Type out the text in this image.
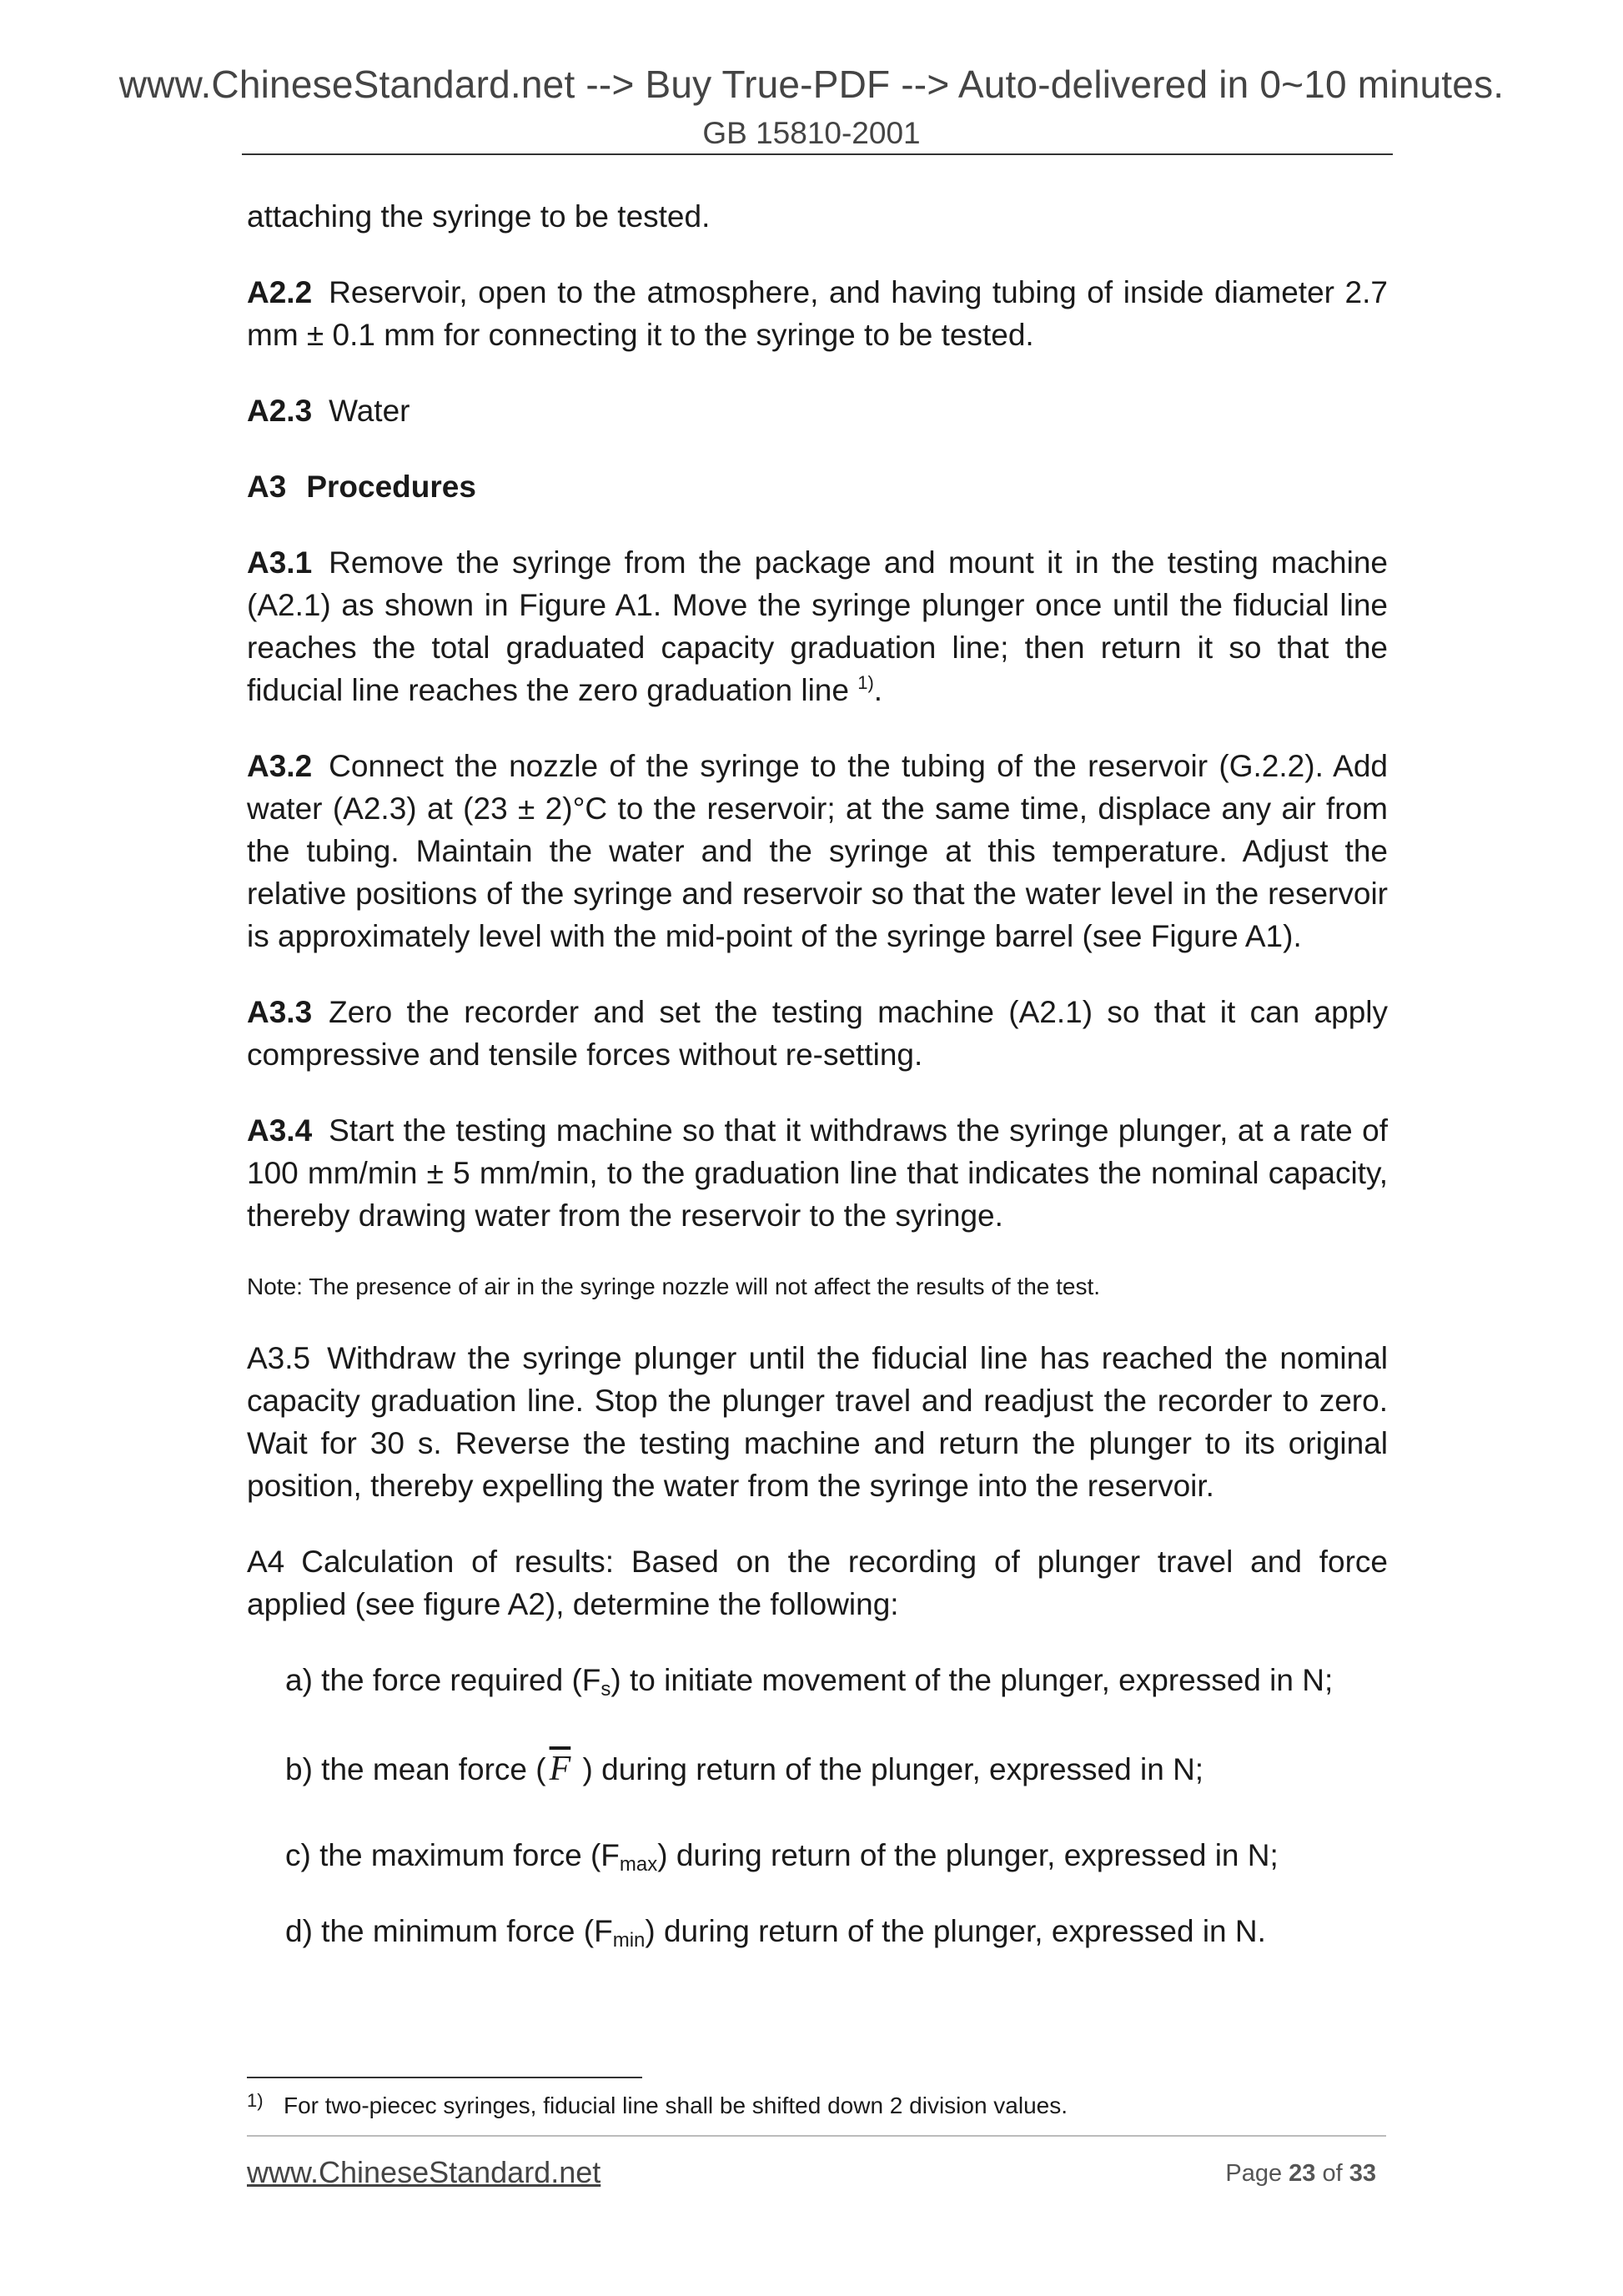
www.ChineseStandard.net --> Buy True-PDF --> Auto-delivered in 0~10 minutes.
GB 15810-2001

attaching the syringe to be tested.

A2.2 Reservoir, open to the atmosphere, and having tubing of inside diameter 2.7 mm ± 0.1 mm for connecting it to the syringe to be tested.

A2.3 Water

A3 Procedures

A3.1 Remove the syringe from the package and mount it in the testing machine (A2.1) as shown in Figure A1. Move the syringe plunger once until the fiducial line reaches the total graduated capacity graduation line; then return it so that the fiducial line reaches the zero graduation line $^{1)}$.

A3.2 Connect the nozzle of the syringe to the tubing of the reservoir (G.2.2). Add water (A2.3) at (23 ± 2)°C to the reservoir; at the same time, displace any air from the tubing. Maintain the water and the syringe at this temperature. Adjust the relative positions of the syringe and reservoir so that the water level in the reservoir is approximately level with the mid-point of the syringe barrel (see Figure A1).

A3.3 Zero the recorder and set the testing machine (A2.1) so that it can apply compressive and tensile forces without re-setting.

A3.4 Start the testing machine so that it withdraws the syringe plunger, at a rate of 100 mm/min ± 5 mm/min, to the graduation line that indicates the nominal capacity, thereby drawing water from the reservoir to the syringe.

Note: The presence of air in the syringe nozzle will not affect the results of the test.

A3.5 Withdraw the syringe plunger until the fiducial line has reached the nominal capacity graduation line. Stop the plunger travel and readjust the recorder to zero. Wait for 30 s. Reverse the testing machine and return the plunger to its original position, thereby expelling the water from the syringe into the reservoir.

A4 Calculation of results: Based on the recording of plunger travel and force applied (see figure A2), determine the following:

a) the force required $(F_s)$ to initiate movement of the plunger, expressed in N;

b) the mean force ($\overline{F}$ ) during return of the plunger, expressed in N;

c) the maximum force $(F_{max})$ during return of the plunger, expressed in N;

d) the minimum force $(F_{min})$ during return of the plunger, expressed in N.

1) For two-piecec syringes, fiducial line shall be shifted down 2 division values.
www.ChineseStandard.net	Page 23 of 33
